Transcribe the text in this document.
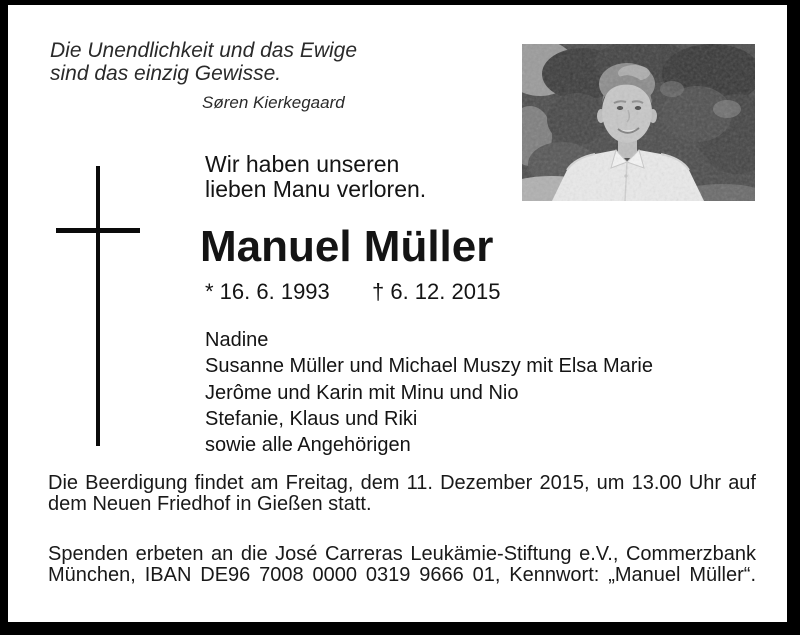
Die Unendlichkeit und das Ewige
sind das einzig Gewisse.
Søren Kierkegaard
Wir haben unseren
lieben Manu verloren.
Manuel Müller
* 16. 6. 1993 † 6. 12. 2015
Nadine
Susanne Müller und Michael Muszy mit Elsa Marie
Jerôme und Karin mit Minu und Nio
Stefanie, Klaus und Riki
sowie alle Angehörigen
Die Beerdigung findet am Freitag, dem 11. Dezember 2015, um 13.00 Uhr auf
dem Neuen Friedhof in Gießen statt.
Spenden erbeten an die José Carreras Leukämie-Stiftung e.V., Commerzbank
München, IBAN DE96 7008 0000 0319 9666 01, Kennwort: „Manuel Müller“.
